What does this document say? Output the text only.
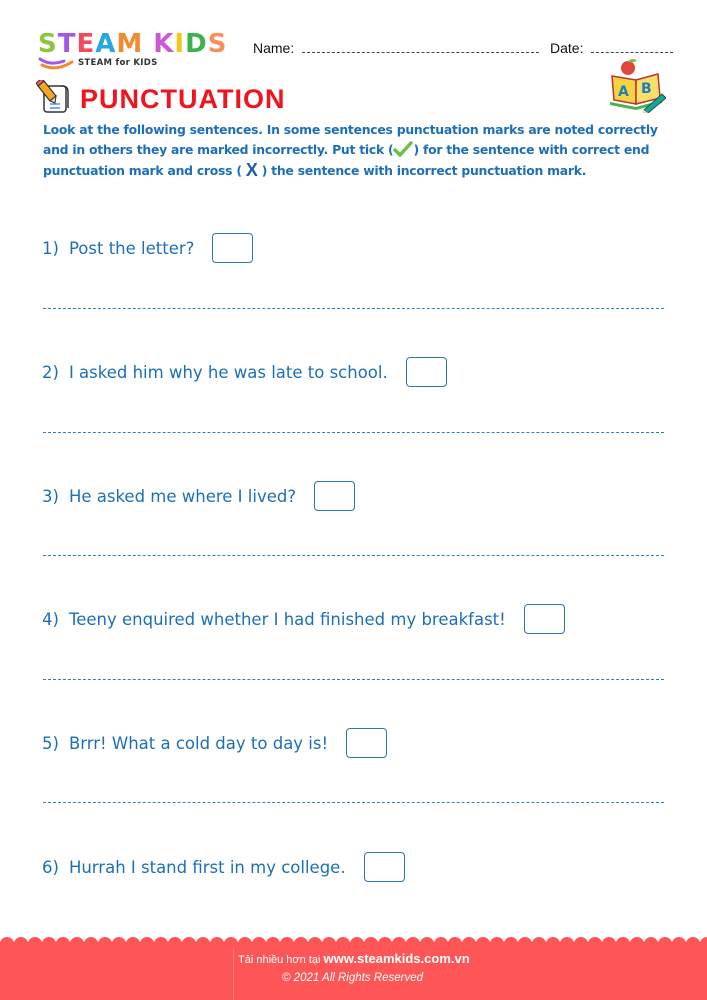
STEAM KIDS
STEAM for KIDS
Name:	Date:
PUNCTUATION	A B
Look at the following sentences. In some sentences punctuation marks are noted correctly and in others they are marked incorrectly. Put tick ( ) for the sentence with correct end punctuation mark and cross ( X ) the sentence with incorrect punctuation mark.
1) Post the letter?
2) I asked him why he was late to school.
3) He asked me where I lived?
4) Teeny enquired whether I had finished my breakfast!
5) Brrr! What a cold day to day is!
6) Hurrah I stand first in my college.
Tải nhiều hơn tại www.steamkids.com.vn
© 2021 All Rights Reserved
